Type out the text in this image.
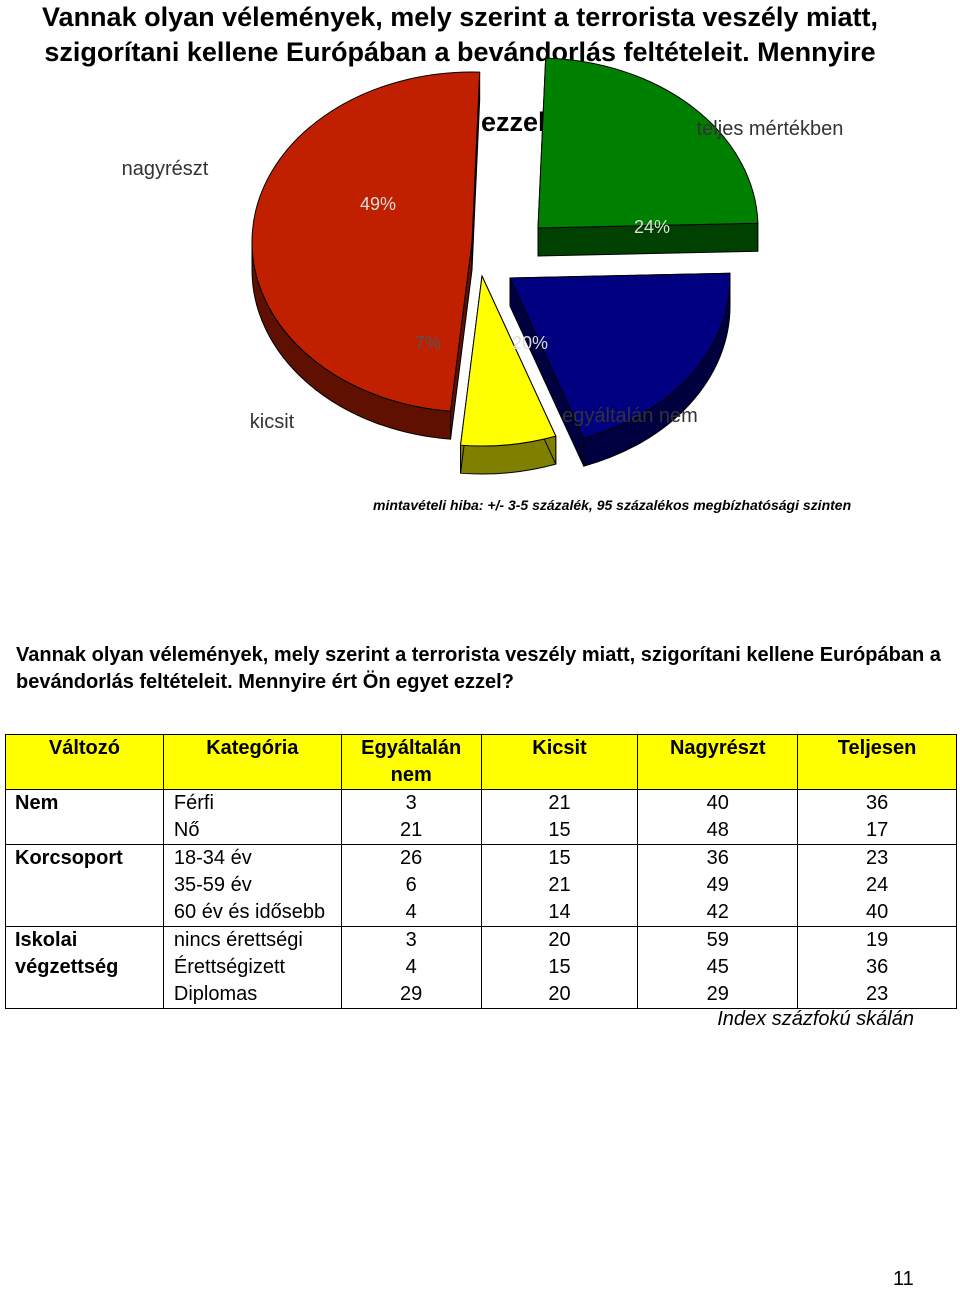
Vannak olyan vélemények, mely szerint a terrorista veszély miatt,
szigorítani kellene Európában a bevándorlás feltételeit. Mennyire
ezzel?
49%
nagyrészt
24%
teljes mértékben
20%
egyáltalán nem
7%
kicsit
mintavételi hiba: +/- 3-5 százalék, 95 százalékos megbízhatósági szinten

Vannak olyan vélemények, mely szerint a terrorista veszély miatt, szigorítani kellene Európában a bevándorlás feltételeit. Mennyire ért Ön egyet ezzel?

Változó	Kategória	Egyáltalán nem	Kicsit	Nagyrészt	Teljesen
Nem	Férfi	3	21	40	36
	Nő	21	15	48	17
Korcsoport	18-34 év	26	15	36	23
	35-59 év	6	21	49	24
	60 év és idősebb	4	14	42	40
Iskolai	nincs érettségi	3	20	59	19
végzettség	Érettségizett	4	15	45	36
	Diplomas	29	20	29	23
Index százfokú skálán
11
